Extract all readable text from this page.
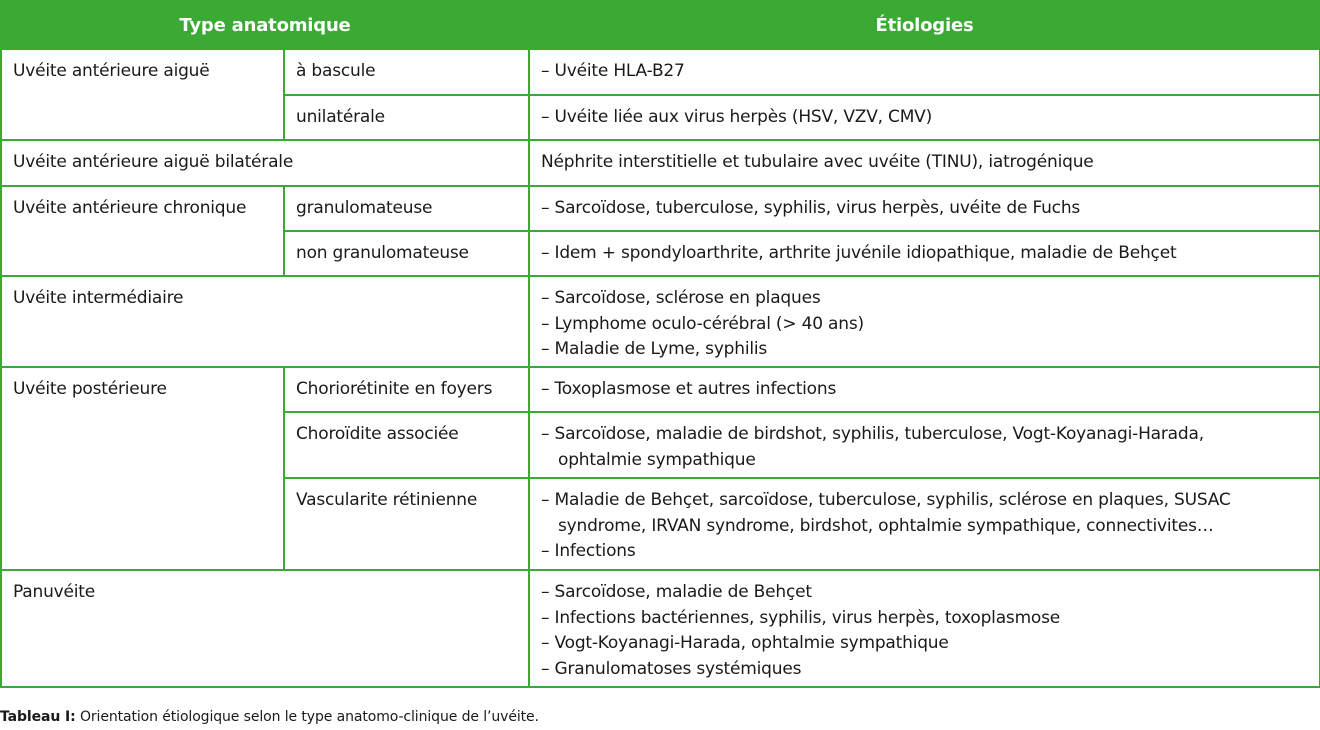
Type anatomique		Étiologies
Uvéite antérieure aiguë	à bascule	– Uvéite HLA-B27

	unilatérale	– Uvéite liée aux virus herpès (HSV, VZV, CMV)

Uvéite antérieure aiguë bilatérale		Néphrite interstitielle et tubulaire avec uvéite (TINU), iatrogénique

Uvéite antérieure chronique	granulomateuse	– Sarcoïdose, tuberculose, syphilis, virus herpès, uvéite de Fuchs

	non granulomateuse	– Idem + spondyloarthrite, arthrite juvénile idiopathique, maladie de Behçet

Uvéite intermédiaire		– Sarcoïdose, sclérose en plaques
– Lymphome oculo-cérébral (> 40 ans)
– Maladie de Lyme, syphilis

Uvéite postérieure	Choriorétinite en foyers	– Toxoplasmose et autres infections

	Choroïdite associée	– Sarcoïdose, maladie de birdshot, syphilis, tuberculose, Vogt-Koyanagi-Harada,
ophtalmie sympathique

	Vascularite rétinienne	– Maladie de Behçet, sarcoïdose, tuberculose, syphilis, sclérose en plaques, SUSAC
syndrome, IRVAN syndrome, birdshot, ophtalmie sympathique, connectivites…
– Infections

Panuvéite		– Sarcoïdose, maladie de Behçet
– Infections bactériennes, syphilis, virus herpès, toxoplasmose
– Vogt-Koyanagi-Harada, ophtalmie sympathique
– Granulomatoses systémiques
Tableau I: Orientation étiologique selon le type anatomo-clinique de l’uvéite.
